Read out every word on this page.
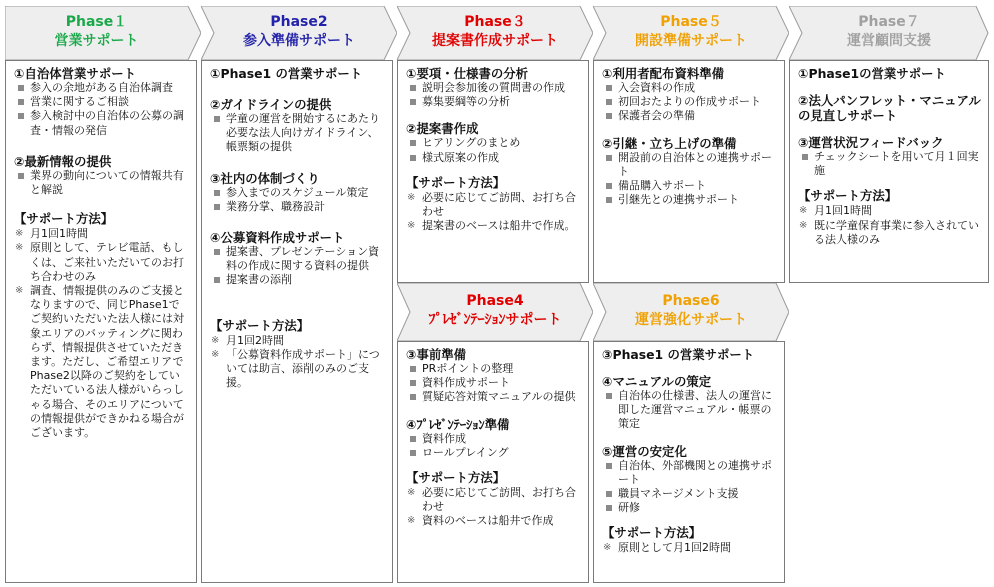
Phase１
営業サポート
Phase2
参入準備サポート
Phase３
提案書作成サポート
Phase５
開設準備サポート
Phase７
運営顧問支援
Phase4
ﾌﾟﾚｾﾞﾝﾃｰｼｮﾝサポート
Phase6
運営強化サポート
①自治体営業サポート
参入の余地がある自治体調査
営業に関するご相談
参入検討中の自治体の公募の調査・情報の発信
②最新情報の提供
業界の動向についての情報共有と解説
【サポート方法】
※ 月1回1時間
※ 原則として、テレビ電話、もしくは、ご来社いただいてのお打ち合わせのみ
※ 調査、情報提供のみのご支援となりますので、同じPhase1でご契約いただいた法人様には対象エリアのバッティングに関わらず、情報提供させていただきます。ただし、ご希望エリアでPhase2以降のご契約をしていただいている法人様がいらっしゃる場合、そのエリアについての情報提供ができかねる場合がございます。
①Phase1 の営業サポート
②ガイドラインの提供
学童の運営を開始するにあたり必要な法人向けガイドライン、帳票類の提供
③社内の体制づくり
参入までのスケジュール策定
業務分掌、職務設計
④公募資料作成サポート
提案書、プレゼンテーション資料の作成に関する資料の提供
提案書の添削
【サポート方法】
※ 月1回2時間
※ 「公募資料作成サポート」については助言、添削のみのご支援。
①要項・仕様書の分析
説明会参加後の質問書の作成
募集要綱等の分析
②提案書作成
ヒアリングのまとめ
様式原案の作成
【サポート方法】
※ 必要に応じてご訪問、お打ち合わせ
※ 提案書のベースは船井で作成。
③事前準備
PRポイントの整理
資料作成サポート
質疑応答対策マニュアルの提供
④ﾌﾟﾚｾﾞﾝﾃｰｼｮﾝ準備
資料作成
ロールプレイング
【サポート方法】
※ 必要に応じてご訪問、お打ち合わせ
※ 資料のベースは船井で作成
①利用者配布資料準備
入会資料の作成
初回おたよりの作成サポート
保護者会の準備
②引継・立ち上げの準備
開設前の自治体との連携サポート
備品購入サポート
引継先との連携サポート
③Phase1 の営業サポート
④マニュアルの策定
自治体の仕様書、法人の運営に即した運営マニュアル・帳票の策定
⑤運営の安定化
自治体、外部機関との連携サポート
職員マネージメント支援
研修
【サポート方法】
※ 原則として月1回2時間
①Phase1の営業サポート
②法人パンフレット・マニュアルの見直しサポート
③運営状況フィードバック
チェックシートを用いて月１回実施
【サポート方法】
※ 月1回1時間
※ 既に学童保育事業に参入されている法人様のみ
